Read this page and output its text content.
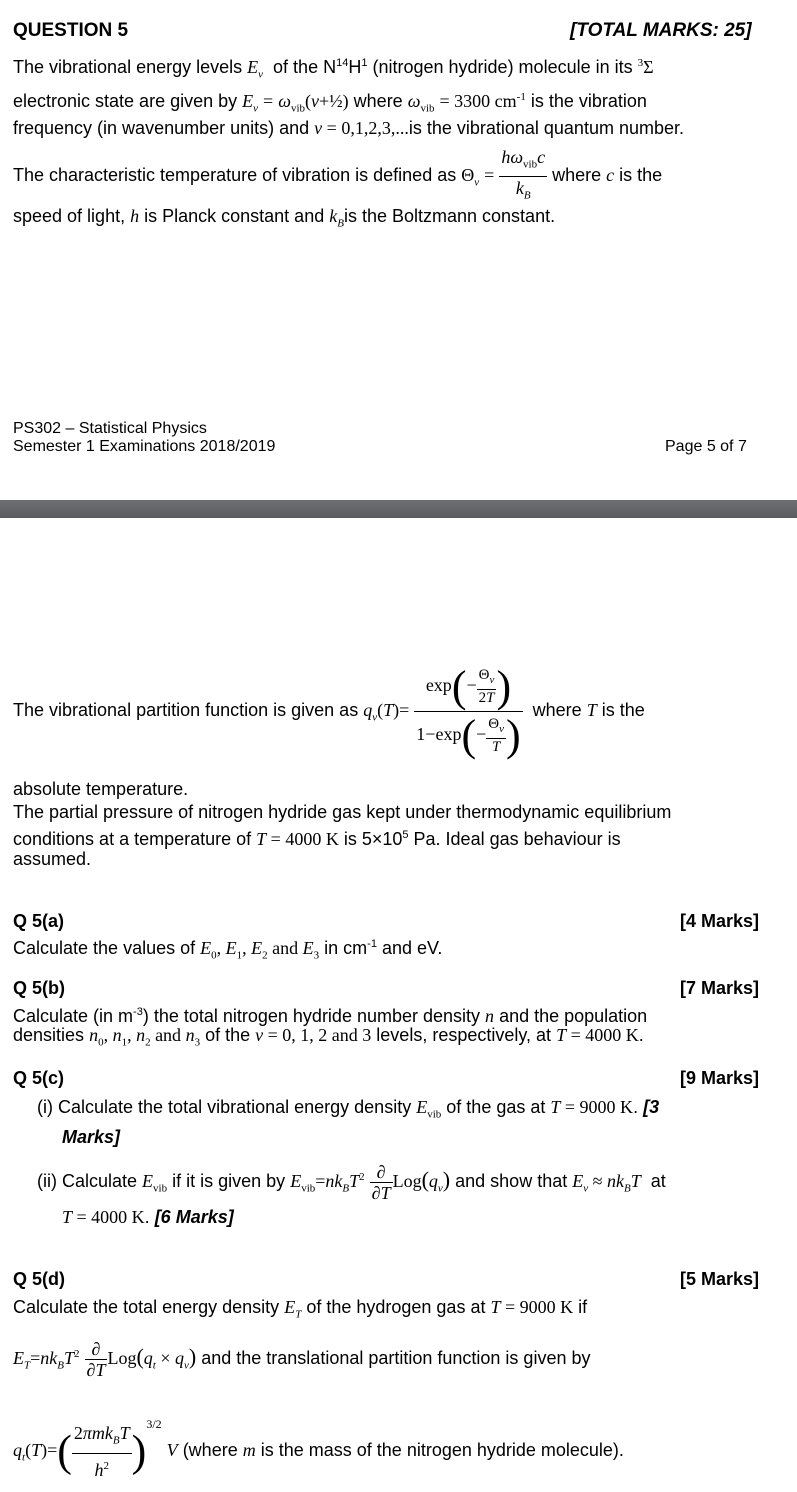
QUESTION 5	[TOTAL MARKS: 25]
The vibrational energy levels $E_v$ of the $N^{14}H^1$ (nitrogen hydride) molecule in its $^3$Σ
electronic state are given by $E_v$ = $\omega_{vib}(v+\frac{1}{2})$ where $\omega_{vib} = 3300$ $cm^{-1}$ is the vibration
frequency (in wavenumber units) and v = 0,1,2,3,...is the vibrational quantum number.
The characteristic temperature of vibration is defined as $\Theta_v = \frac{h\omega_{vib}c}{k_B}$ where c is the
speed of light, h is Planck constant and $k_Bis$ the Boltzmann constant.
PS302 – Statistical Physics
Semester 1 Examinations 2018/2019	Page 5 of 7
The vibrational partition function is given as $q_v(T)= \frac{\exp(- \frac{\Theta_v}{2T} )}{1-\exp(- \frac{\Theta_v}{T} )}$ where T is the
absolute temperature.
The partial pressure of nitrogen hydride gas kept under thermodynamic equilibrium
conditions at a temperature of T = 4000 K is $5\times 10^5$ Pa. Ideal gas behaviour is
assumed.
Q 5(a)	[4 Marks]
Calculate the values of $E_0$, $E_1$, $E_2$ and $E_3$ in $cm^{-1}$ and eV.
Q 5(b)	[7 Marks]
Calculate (in $m^{-3}$) the total nitrogen hydride number density n and the population
densities $n_0$, $n_1$, $n_2$ and $n_3$ of the v = 0, 1, 2 and 3 levels, respectively, at T = 4000 K.
Q 5(c)	[9 Marks]
(i) Calculate the total vibrational energy density $E_{vib}$ of the gas at T = 9000 K. [3
Marks]
(ii) Calculate $E_{vib}$ if it is given by $E_{vib}=nk_BT^2 \frac{\partial}{\partial T} Log(q_v)$ and show that $E_v \approx nk_BT$ at
T = 4000 K. [6 Marks]
Q 5(d)	[5 Marks]
Calculate the total energy density $E_T$ of the hydrogen gas at T = 9000 K if
$E_T=nk_BT^2 \frac{\partial}{\partial T} Log(q_t \times q_v)$ and the translational partition function is given by
$q_t(T)=( \frac{2\pi mk_BT}{h^2} )^{3/2}$ V (where m is the mass of the nitrogen hydride molecule).
